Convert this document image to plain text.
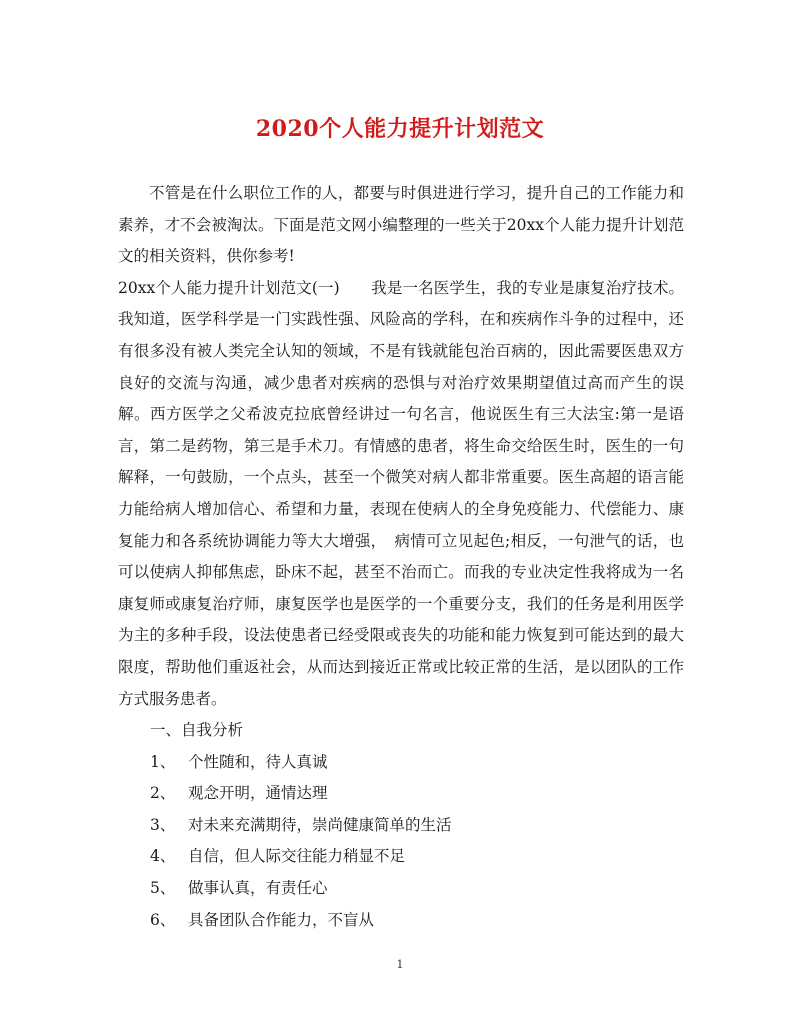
2020个人能力提升计划范文

不管是在什么职位工作的人，都要与时俱进进行学习，提升自己的工作能力和素养，才不会被淘汰。下面是范文网小编整理的一些关于20xx个人能力提升计划范文的相关资料，供你参考!

20xx个人能力提升计划范文(一)　　我是一名医学生，我的专业是康复治疗技术。我知道，医学科学是一门实践性强、风险高的学科，在和疾病作斗争的过程中，还有很多没有被人类完全认知的领域，不是有钱就能包治百病的，因此需要医患双方良好的交流与沟通，减少患者对疾病的恐惧与对治疗效果期望值过高而产生的误解。西方医学之父希波克拉底曾经讲过一句名言，他说医生有三大法宝:第一是语言，第二是药物，第三是手术刀。有情感的患者，将生命交给医生时，医生的一句解释，一句鼓励，一个点头，甚至一个微笑对病人都非常重要。医生高超的语言能力能给病人增加信心、希望和力量，表现在使病人的全身免疫能力、代偿能力、康复能力和各系统协调能力等大大增强，　病情可立见起色;相反，一句泄气的话，也可以使病人抑郁焦虑，卧床不起，甚至不治而亡。而我的专业决定性我将成为一名康复师或康复治疗师，康复医学也是医学的一个重要分支，我们的任务是利用医学为主的多种手段，设法使患者已经受限或丧失的功能和能力恢复到可能达到的最大限度，帮助他们重返社会，从而达到接近正常或比较正常的生活，是以团队的工作方式服务患者。

一、自我分析

1、 个性随和，待人真诚
2、 观念开明，通情达理
3、 对未来充满期待，崇尚健康简单的生活
4、 自信，但人际交往能力稍显不足
5、 做事认真，有责任心
6、 具备团队合作能力，不盲从
1
